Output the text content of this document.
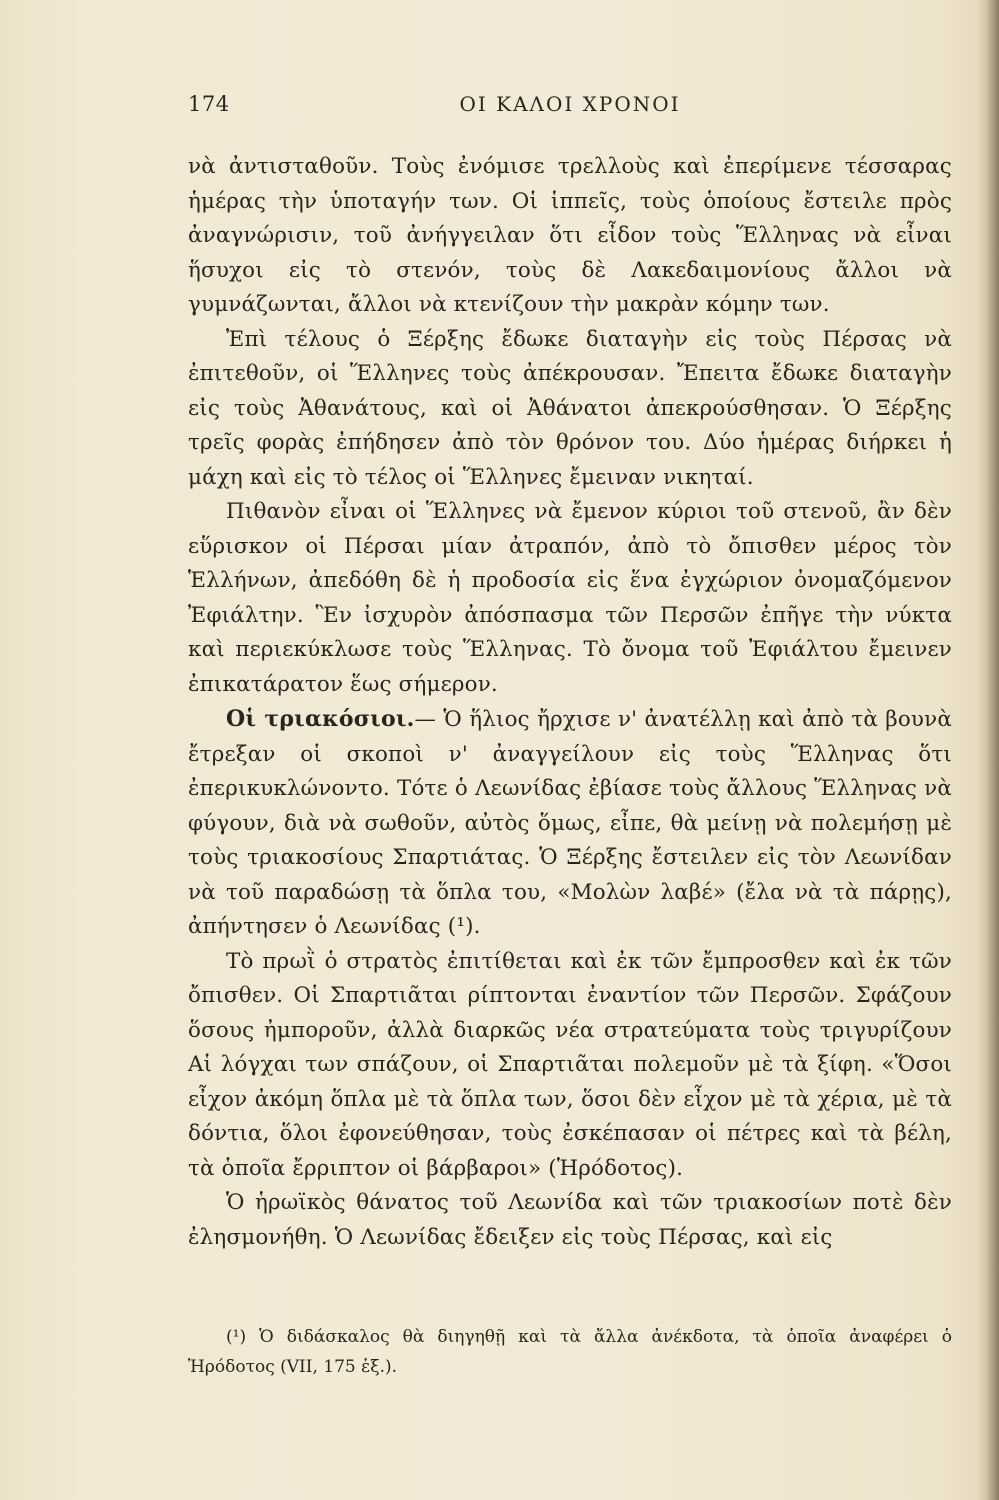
174	ΟΙ ΚΑΛΟΙ ΧΡΟΝΟΙ

νὰ ἀντισταθοῦν. Τοὺς ἐνόμισε τρελλοὺς καὶ ἐπερίμενε τέσσαρας ἡμέρας τὴν ὑποταγήν των. Οἱ ἱππεῖς, τοὺς ὁποίους ἔστειλε πρὸς ἀναγνώρισιν, τοῦ ἀνήγγειλαν ὅτι εἶδον τοὺς Ἕλληνας νὰ εἶναι ἥσυχοι εἰς τὸ στενόν, τοὺς δὲ Λακεδαιμονίους ἄλλοι νὰ γυμνάζωνται, ἄλλοι νὰ κτενίζουν τὴν μακρὰν κόμην των.

Ἐπὶ τέλους ὁ Ξέρξης ἔδωκε διαταγὴν εἰς τοὺς Πέρσας νὰ ἐπιτεθοῦν, οἱ Ἕλληνες τοὺς ἀπέκρουσαν. Ἔπειτα ἔδωκε διαταγὴν εἰς τοὺς Ἀθανάτους, καὶ οἱ Ἀθάνατοι ἀπεκρούσθησαν. Ὁ Ξέρξης τρεῖς φορὰς ἐπήδησεν ἀπὸ τὸν θρόνον του. Δύο ἡμέρας διήρκει ἡ μάχη καὶ εἰς τὸ τέλος οἱ Ἕλληνες ἔμειναν νικηταί.

Πιθανὸν εἶναι οἱ Ἕλληνες νὰ ἔμενον κύριοι τοῦ στενοῦ, ἂν δὲν εὕρισκον οἱ Πέρσαι μίαν ἀτραπόν, ἀπὸ τὸ ὄπισθεν μέρος τὸν Ἑλλήνων, ἀπεδόθη δὲ ἡ προδοσία εἰς ἕνα ἐγχώριον ὀνομαζόμενον Ἐφιάλτην. Ἓν ἰσχυρὸν ἀπόσπασμα τῶν Περσῶν ἐπῆγε τὴν νύκτα καὶ περιεκύκλωσε τοὺς Ἕλληνας. Τὸ ὄνομα τοῦ Ἐφιάλτου ἔμεινεν ἐπικατάρατον ἕως σήμερον.

Οἱ τριακόσιοι.— Ὁ ἥλιος ἤρχισε ν' ἀνατέλλῃ καὶ ἀπὸ τὰ βουνὰ ἔτρεξαν οἱ σκοποὶ ν' ἀναγγείλουν εἰς τοὺς Ἕλληνας ὅτι ἐπερικυκλώνοντο. Τότε ὁ Λεωνίδας ἐβίασε τοὺς ἄλλους Ἕλληνας νὰ φύγουν, διὰ νὰ σωθοῦν, αὐτὸς ὅμως, εἶπε, θὰ μείνῃ νὰ πολεμήσῃ μὲ τοὺς τριακοσίους Σπαρτιάτας. Ὁ Ξέρξης ἔστειλεν εἰς τὸν Λεωνίδαν νὰ τοῦ παραδώσῃ τὰ ὅπλα του, «Μολὼν λαβέ» (ἔλα νὰ τὰ πάρῃς), ἀπήντησεν ὁ Λεωνίδας (¹).

Τὸ πρωῒ ὁ στρατὸς ἐπιτίθεται καὶ ἐκ τῶν ἔμπροσθεν καὶ ἐκ τῶν ὄπισθεν. Οἱ Σπαρτιᾶται ρίπτονται ἐναντίον τῶν Περσῶν. Σφάζουν ὅσους ἠμποροῦν, ἀλλὰ διαρκῶς νέα στρατεύματα τοὺς τριγυρίζουν Αἱ λόγχαι των σπάζουν, οἱ Σπαρτιᾶται πολεμοῦν μὲ τὰ ξίφη. «Ὅσοι εἶχον ἀκόμη ὅπλα μὲ τὰ ὅπλα των, ὅσοι δὲν εἶχον μὲ τὰ χέρια, μὲ τὰ δόντια, ὅλοι ἐφονεύθησαν, τοὺς ἐσκέπασαν οἱ πέτρες καὶ τὰ βέλη, τὰ ὁποῖα ἔρριπτον οἱ βάρβαροι» (Ἡρόδοτος).

Ὁ ἡρωϊκὸς θάνατος τοῦ Λεωνίδα καὶ τῶν τριακοσίων ποτὲ δὲν ἐλησμονήθη. Ὁ Λεωνίδας ἔδειξεν εἰς τοὺς Πέρσας, καὶ εἰς

(¹) Ὁ διδάσκαλος θὰ διηγηθῇ καὶ τὰ ἄλλα ἀνέκδοτα, τὰ ὁποῖα ἀναφέρει ὁ Ἡρόδοτος (VII, 175 ἑξ.).
